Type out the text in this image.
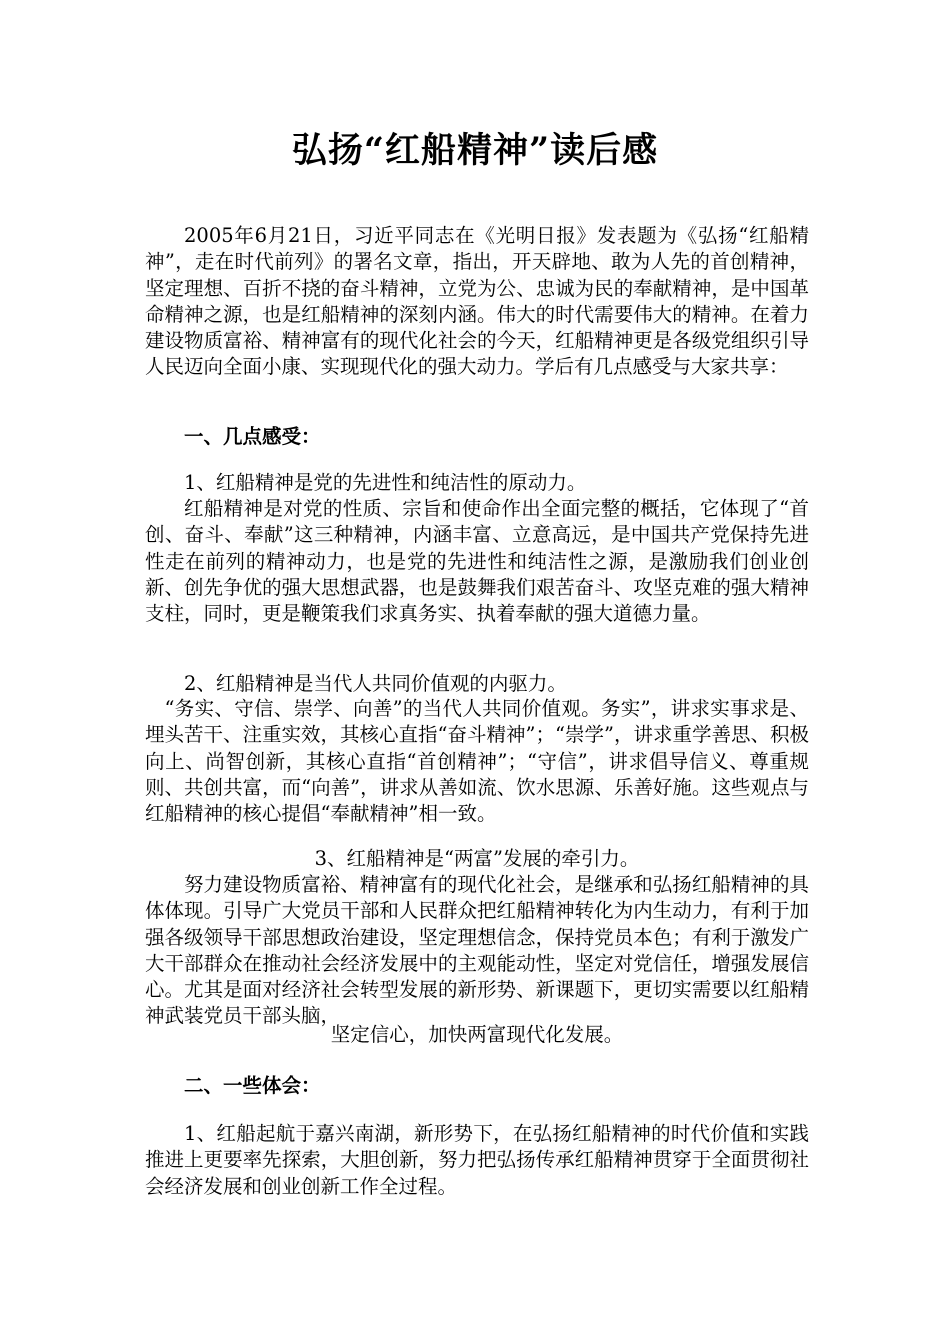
弘扬“红船精神”读后感

2005年6月21日，习近平同志在《光明日报》发表题为《弘扬“红船精神”，走在时代前列》的署名文章，指出，开天辟地、敢为人先的首创精神，坚定理想、百折不挠的奋斗精神，立党为公、忠诚为民的奉献精神，是中国革命精神之源，也是红船精神的深刻内涵。伟大的时代需要伟大的精神。在着力建设物质富裕、精神富有的现代化社会的今天，红船精神更是各级党组织引导人民迈向全面小康、实现现代化的强大动力。学后有几点感受与大家共享：

一、几点感受：

1、红船精神是党的先进性和纯洁性的原动力。

红船精神是对党的性质、宗旨和使命作出全面完整的概括，它体现了“首创、奋斗、奉献”这三种精神，内涵丰富、立意高远，是中国共产党保持先进性走在前列的精神动力，也是党的先进性和纯洁性之源，是激励我们创业创新、创先争优的强大思想武器，也是鼓舞我们艰苦奋斗、攻坚克难的强大精神支柱，同时，更是鞭策我们求真务实、执着奉献的强大道德力量。

2、红船精神是当代人共同价值观的内驱力。

“务实、守信、崇学、向善”的当代人共同价值观。务实”，讲求实事求是、埋头苦干、注重实效，其核心直指“奋斗精神”；“崇学”，讲求重学善思、积极向上、尚智创新，其核心直指“首创精神”；“守信”，讲求倡导信义、尊重规则、共创共富，而“向善”，讲求从善如流、饮水思源、乐善好施。这些观点与红船精神的核心提倡“奉献精神”相一致。

3、红船精神是“两富”发展的牵引力。

努力建设物质富裕、精神富有的现代化社会，是继承和弘扬红船精神的具体体现。引导广大党员干部和人民群众把红船精神转化为内生动力，有利于加强各级领导干部思想政治建设，坚定理想信念，保持党员本色；有利于激发广大干部群众在推动社会经济发展中的主观能动性，坚定对党信任，增强发展信心。尤其是面对经济社会转型发展的新形势、新课题下，更切实需要以红船精神武装党员干部头脑，

坚定信心，加快两富现代化发展。

二、一些体会：

1、红船起航于嘉兴南湖，新形势下，在弘扬红船精神的时代价值和实践推进上更要率先探索，大胆创新，努力把弘扬传承红船精神贯穿于全面贯彻社会经济发展和创业创新工作全过程。
